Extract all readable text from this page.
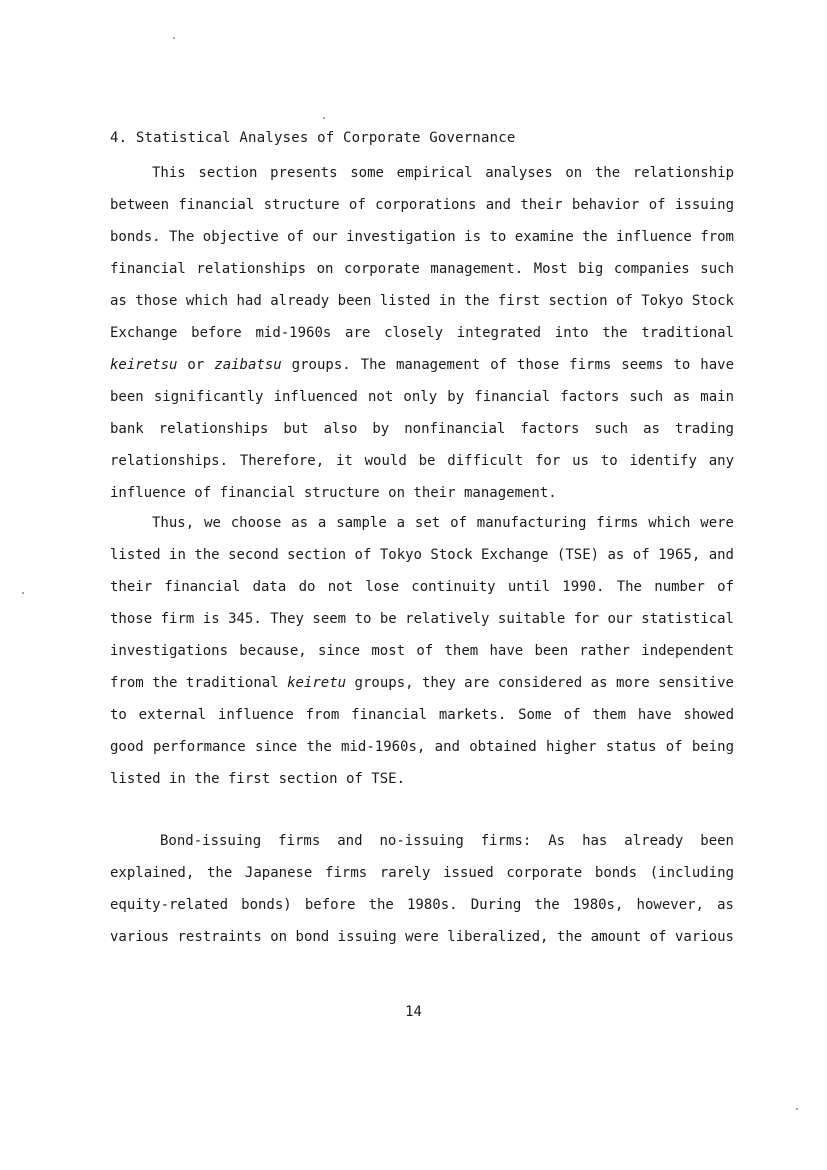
4. Statistical Analyses of Corporate Governance
This section presents some empirical analyses on the relationship
between financial structure of corporations and their behavior of issuing
bonds. The objective of our investigation is to examine the influence from
financial relationships on corporate management. Most big companies such
as those which had already been listed in the first section of Tokyo Stock
Exchange before mid-1960s are closely integrated into the traditional
keiretsu or zaibatsu groups. The management of those firms seems to have
been significantly influenced not only by financial factors such as main
bank relationships but also by nonfinancial factors such as trading
relationships. Therefore, it would be difficult for us to identify any
influence of financial structure on their management.
Thus, we choose as a sample a set of manufacturing firms which were
listed in the second section of Tokyo Stock Exchange (TSE) as of 1965, and
their financial data do not lose continuity until 1990. The number of
those firm is 345. They seem to be relatively suitable for our statistical
investigations because, since most of them have been rather independent
from the traditional keiretu groups, they are considered as more sensitive
to external influence from financial markets. Some of them have showed
good performance since the mid-1960s, and obtained higher status of being
listed in the first section of TSE.
Bond-issuing firms and no-issuing firms: As has already been
explained, the Japanese firms rarely issued corporate bonds (including
equity-related bonds) before the 1980s. During the 1980s, however, as
various restraints on bond issuing were liberalized, the amount of various
14
